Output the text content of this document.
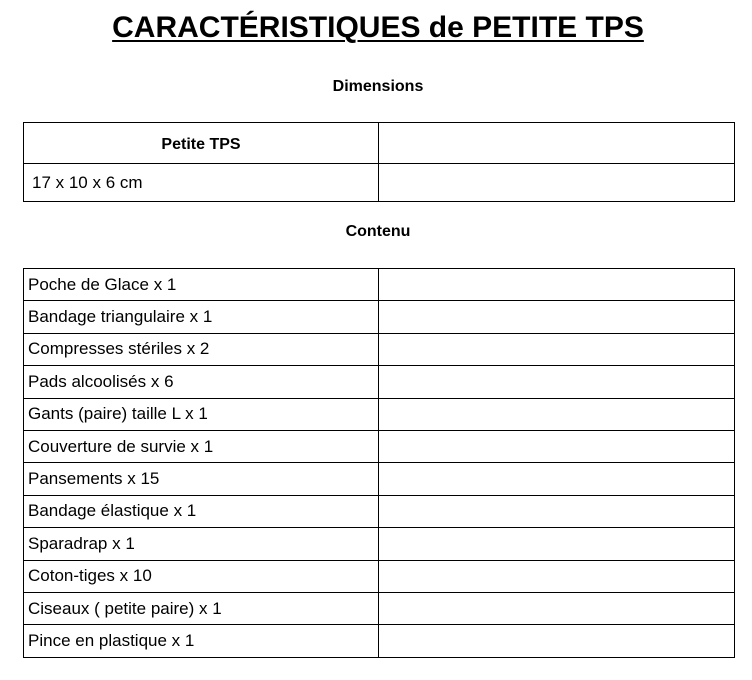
CARACTÉRISTIQUES de PETITE TPS
Dimensions
Petite TPS	
17 x 10 x 6 cm	
Contenu
Poche de Glace x 1	
Bandage triangulaire x 1	
Compresses stériles x 2	
Pads alcoolisés x 6	
Gants (paire) taille L x 1	
Couverture de survie x 1	
Pansements x 15	
Bandage élastique x 1	
Sparadrap x 1	
Coton-tiges x 10	
Ciseaux ( petite paire) x 1	
Pince en plastique x 1	
